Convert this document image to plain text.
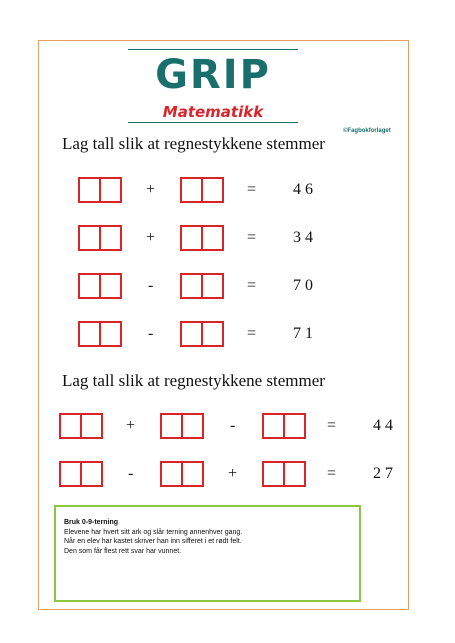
GRIP
Matematikk
©Fagbokforlaget
Lag tall slik at regnestykkene stemmer
+	= 4 6
+	= 3 4
-	= 7 0
-	= 7 1
Lag tall slik at regnestykkene stemmer
+	-	= 4 4
-	+	= 2 7
Bruk 0-9-terning
Elevene har hvert sitt ark og slår terning annenhver gang.
Når en elev har kastet skriver han inn sifferet i et rødt felt.
Den som får flest rett svar har vunnet.
